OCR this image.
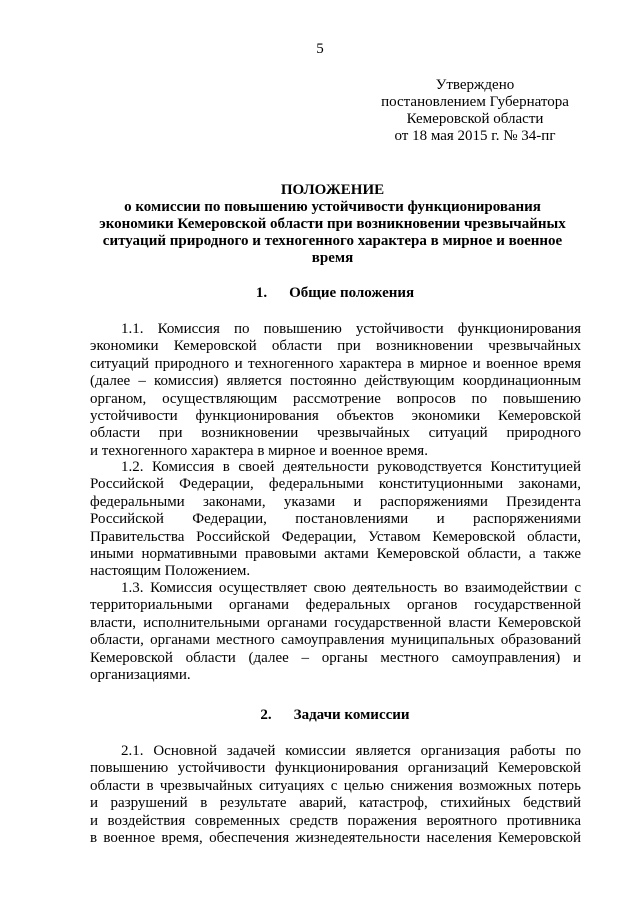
5
Утверждено
постановлением Губернатора
Кемеровской области
от 18 мая 2015 г. № 34-пг
ПОЛОЖЕНИЕ
о комиссии по повышению устойчивости функционирования
экономики Кемеровской области при возникновении чрезвычайных
ситуаций природного и техногенного характера в мирное и военное
время
1. Общие положения
1.1. Комиссия по повышению устойчивости функционирования
экономики Кемеровской области при возникновении чрезвычайных
ситуаций природного и техногенного характера в мирное и военное время
(далее – комиссия) является постоянно действующим координационным
органом, осуществляющим рассмотрение вопросов по повышению
устойчивости функционирования объектов экономики Кемеровской
области при возникновении чрезвычайных ситуаций природного
и техногенного характера в мирное и военное время.
1.2. Комиссия в своей деятельности руководствуется Конституцией
Российской Федерации, федеральными конституционными законами,
федеральными законами, указами и распоряжениями Президента
Российской Федерации, постановлениями и распоряжениями
Правительства Российской Федерации, Уставом Кемеровской области,
иными нормативными правовыми актами Кемеровской области, а также
настоящим Положением.
1.3. Комиссия осуществляет свою деятельность во взаимодействии с
территориальными органами федеральных органов государственной
власти, исполнительными органами государственной власти Кемеровской
области, органами местного самоуправления муниципальных образований
Кемеровской области (далее – органы местного самоуправления) и
организациями.
2. Задачи комиссии
2.1. Основной задачей комиссии является организация работы по
повышению устойчивости функционирования организаций Кемеровской
области в чрезвычайных ситуациях с целью снижения возможных потерь
и разрушений в результате аварий, катастроф, стихийных бедствий
и воздействия современных средств поражения вероятного противника
в военное время, обеспечения жизнедеятельности населения Кемеровской
